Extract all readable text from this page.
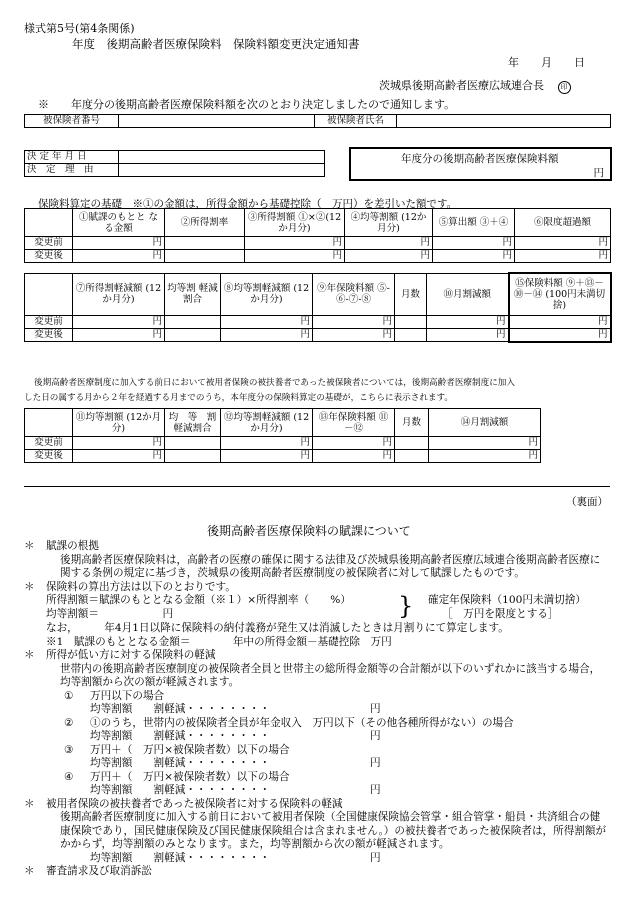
様式第5号(第4条関係)
年度　後期高齢者医療保険料　保険料額変更決定通知書
年　　月　　日
茨城県後期高齢者医療広域連合長 印
※　　年度分の後期高齢者医療保険料額を次のとおり決定しましたので通知します。
被保険者番号		被保険者氏名	
決 定 年 月 日	
決　定　理　由	
年度分の後期高齢者医療保険料額
円
保険料算定の基礎　※①の金額は，所得金額から基礎控除（　万円）を差引いた額です。
	①賦課のもとと なる金額	②所得割率	③所得割額 ①×②(12か月分)	④均等割額 (12か月分)	⑤算出額 ③＋④	⑥限度超過額
変更前	円		円	円	円	円
変更後	円		円	円	円	円
	⑦所得割軽減額 (12か月分)	均等割 軽減割合	⑧均等割軽減額 (12か月分)	⑨年保険料額 ⑤-⑥-⑦-⑧	月数	⑩月割減額	⑮保険料額 ⑨＋⑬－⑩－⑭ (100円未満切捨)
変更前	円		円	円		円	円
変更後	円		円	円		円	円
後期高齢者医療制度に加入する前日において被用者保険の被扶養者であった被保険者については，後期高齢者医療制度に加入
した日の属する月から２年を経過する月までのうち，本年度分の保険料算定の基礎が，こちらに表示されます。
	⑪均等割額 (12か月分)	均　等　割 軽減割合	⑫均等割軽減額 (12か月分)	⑬年保険料額 ⑪－⑫	月数	⑭月割減額
変更前	円		円	円		円
変更後	円		円	円		円
（裏面）
後期高齢者医療保険料の賦課について

＊ 賦課の根拠

後期高齢者医療保険料は，高齢者の医療の確保に関する法律及び茨城県後期高齢者医療広域連合後期高齢者医療に関する条例の規定に基づき，茨城県の後期高齢者医療制度の被保険者に対して賦課したものです。

＊ 保険料の算出方法は以下のとおりです。

所得割額＝賦課のもととなる金額（※１）×所得割率（　　%）
均等割額＝　　　　　　円	} 確定年保険料（100円未満切捨）
［　万円を限度とする］

なお，　　　年4月1日以降に保険料の納付義務が発生又は消滅したときは月割りにて算定します。

※1　賦課のもととなる金額＝　　　　年中の所得金額－基礎控除　万円

＊ 所得が低い方に対する保険料の軽減

世帯内の後期高齢者医療制度の被保険者全員と世帯主の総所得金額等の合計額が以下のいずれかに該当する場合，均等割額から次の額が軽減されます。

① 万円以下の場合

均等割額　　割軽減・・・・・・・・	円

② ①のうち，世帯内の被保険者全員が年金収入　万円以下（その他各種所得がない）の場合

均等割額　　割軽減・・・・・・・・	円

③ 万円＋（　万円×被保険者数）以下の場合

均等割額　　割軽減・・・・・・・・	円

④ 万円＋（　万円×被保険者数）以下の場合

均等割額　　割軽減・・・・・・・・	円

＊ 被用者保険の被扶養者であった被保険者に対する保険料の軽減

後期高齢者医療制度に加入する前日において被用者保険（全国健康保険協会管掌・組合管掌・船員・共済組合の健康保険であり，国民健康保険及び国民健康保険組合は含まれません。）の被扶養者であった被保険者は，所得割額がかからず，均等割額のみとなります。また，均等割額から次の額が軽減されます。

均等割額　　割軽減・・・・・・・・	円

＊ 審査請求及び取消訴訟
